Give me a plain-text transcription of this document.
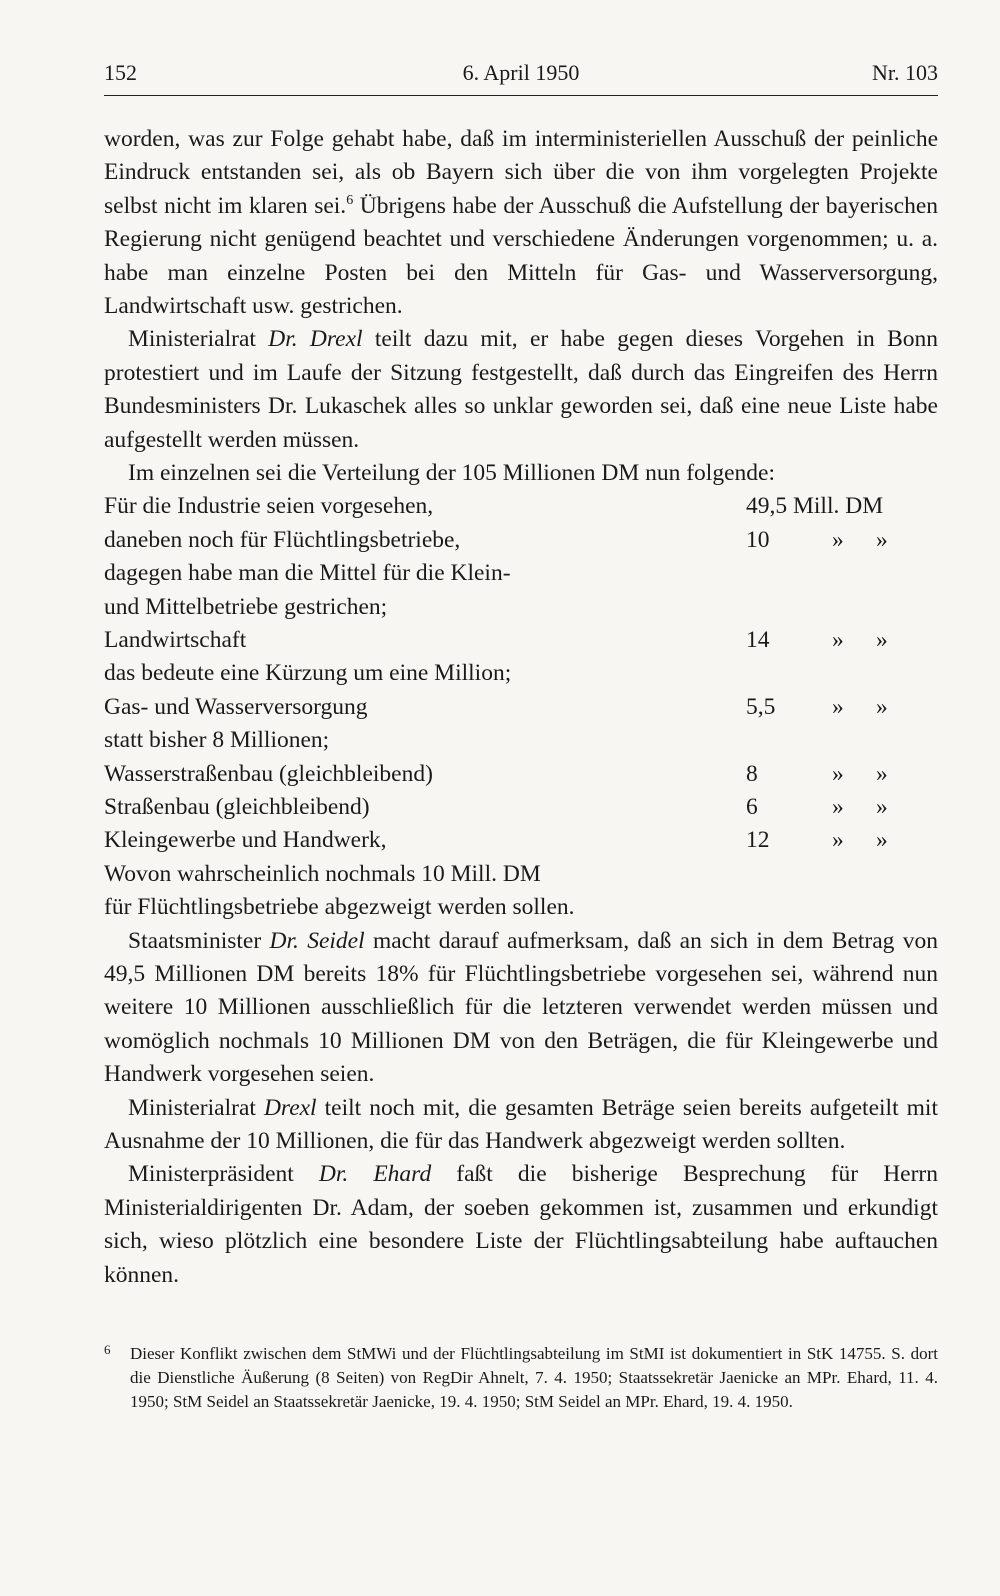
152	6. April 1950	Nr. 103

worden, was zur Folge gehabt habe, daß im interministeriellen Ausschuß der peinliche Eindruck entstanden sei, als ob Bayern sich über die von ihm vorgelegten Projekte selbst nicht im klaren sei.$^6$ Übrigens habe der Ausschuß die Aufstellung der bayerischen Regierung nicht genügend beachtet und verschiedene Änderungen vorgenommen; u. a. habe man einzelne Posten bei den Mitteln für Gas- und Wasserversorgung, Landwirtschaft usw. gestrichen.

Ministerialrat Dr. Drexl teilt dazu mit, er habe gegen dieses Vorgehen in Bonn protestiert und im Laufe der Sitzung festgestellt, daß durch das Eingreifen des Herrn Bundesministers Dr. Lukaschek alles so unklar geworden sei, daß eine neue Liste habe aufgestellt werden müssen.

Im einzelnen sei die Verteilung der 105 Millionen DM nun folgende:

Für die Industrie seien vorgesehen,	49,5 Mill. DM
daneben noch für Flüchtlingsbetriebe,	10	» »
dagegen habe man die Mittel für die Klein-
und Mittelbetriebe gestrichen;
Landwirtschaft	14	» »
das bedeute eine Kürzung um eine Million;
Gas- und Wasserversorgung	5,5 » »
statt bisher 8 Millionen;
Wasserstraßenbau (gleichbleibend)	8	» »
Straßenbau (gleichbleibend)	6	» »
Kleingewerbe und Handwerk,	12	» »
Wovon wahrscheinlich nochmals 10 Mill. DM
für Flüchtlingsbetriebe abgezweigt werden sollen.

Staatsminister Dr. Seidel macht darauf aufmerksam, daß an sich in dem Betrag von 49,5 Millionen DM bereits 18% für Flüchtlingsbetriebe vorgesehen sei, während nun weitere 10 Millionen ausschließlich für die letzteren verwendet werden müssen und womöglich nochmals 10 Millionen DM von den Beträgen, die für Kleingewerbe und Handwerk vorgesehen seien.

Ministerialrat Drexl teilt noch mit, die gesamten Beträge seien bereits aufgeteilt mit Ausnahme der 10 Millionen, die für das Handwerk abgezweigt werden sollten.

Ministerpräsident Dr. Ehard faßt die bisherige Besprechung für Herrn Ministerialdirigenten Dr. Adam, der soeben gekommen ist, zusammen und erkundigt sich, wieso plötzlich eine besondere Liste der Flüchtlingsabteilung habe auftauchen können.

6 Dieser Konflikt zwischen dem StMWi und der Flüchtlingsabteilung im StMI ist dokumentiert in StK 14755. S. dort die Dienstliche Äußerung (8 Seiten) von RegDir Ahnelt, 7. 4. 1950; Staatssekretär Jaenicke an MPr. Ehard, 11. 4. 1950; StM Seidel an Staatssekretär Jaenicke, 19. 4. 1950; StM Seidel an MPr. Ehard, 19. 4. 1950.
